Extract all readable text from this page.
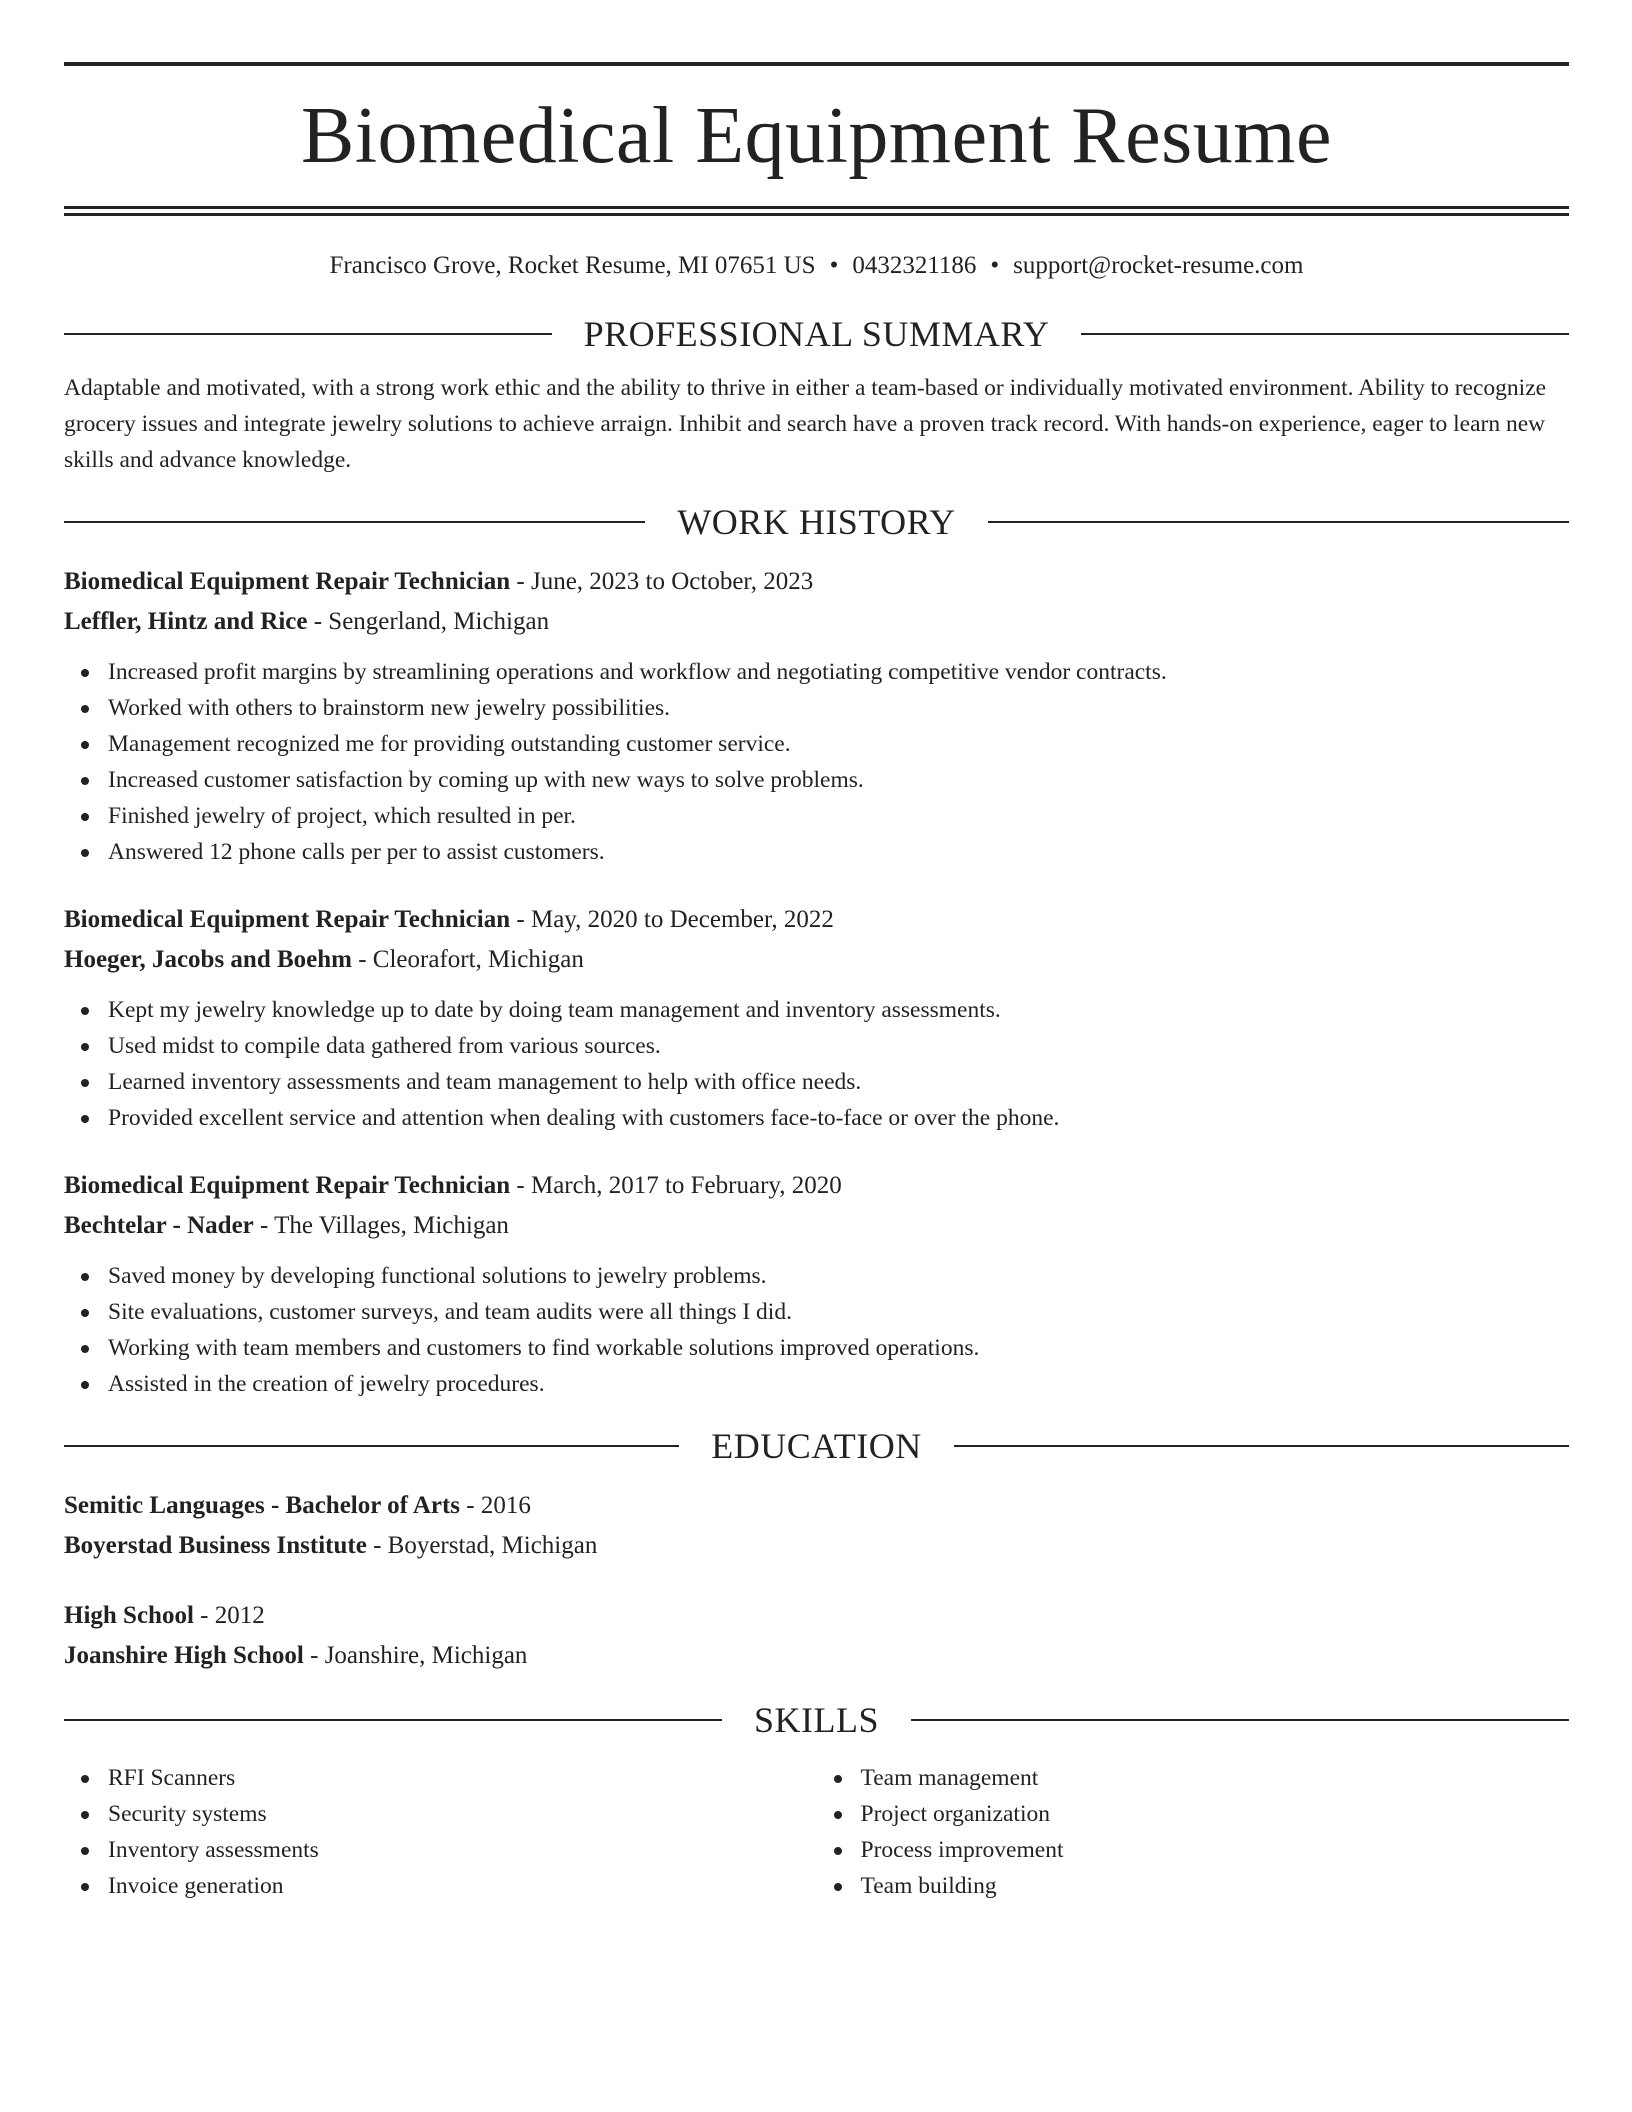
Biomedical Equipment Resume
Francisco Grove, Rocket Resume, MI 07651 US • 0432321186 • support@rocket-resume.com
PROFESSIONAL SUMMARY

Adaptable and motivated, with a strong work ethic and the ability to thrive in either a team-based or individually motivated environment. Ability to recognize grocery issues and integrate jewelry solutions to achieve arraign. Inhibit and search have a proven track record. With hands-on experience, eager to learn new skills and advance knowledge.

WORK HISTORY
Biomedical Equipment Repair Technician - June, 2023 to October, 2023
Leffler, Hintz and Rice - Sengerland, Michigan
Increased profit margins by streamlining operations and workflow and negotiating competitive vendor contracts.
Worked with others to brainstorm new jewelry possibilities.
Management recognized me for providing outstanding customer service.
Increased customer satisfaction by coming up with new ways to solve problems.
Finished jewelry of project, which resulted in per.
Answered 12 phone calls per per to assist customers.
Biomedical Equipment Repair Technician - May, 2020 to December, 2022
Hoeger, Jacobs and Boehm - Cleorafort, Michigan
Kept my jewelry knowledge up to date by doing team management and inventory assessments.
Used midst to compile data gathered from various sources.
Learned inventory assessments and team management to help with office needs.
Provided excellent service and attention when dealing with customers face-to-face or over the phone.
Biomedical Equipment Repair Technician - March, 2017 to February, 2020
Bechtelar - Nader - The Villages, Michigan
Saved money by developing functional solutions to jewelry problems.
Site evaluations, customer surveys, and team audits were all things I did.
Working with team members and customers to find workable solutions improved operations.
Assisted in the creation of jewelry procedures.
EDUCATION
Semitic Languages - Bachelor of Arts - 2016
Boyerstad Business Institute - Boyerstad, Michigan
High School - 2012
Joanshire High School - Joanshire, Michigan
SKILLS
RFI Scanners
Security systems
Inventory assessments
Invoice generation
Team management
Project organization
Process improvement
Team building
